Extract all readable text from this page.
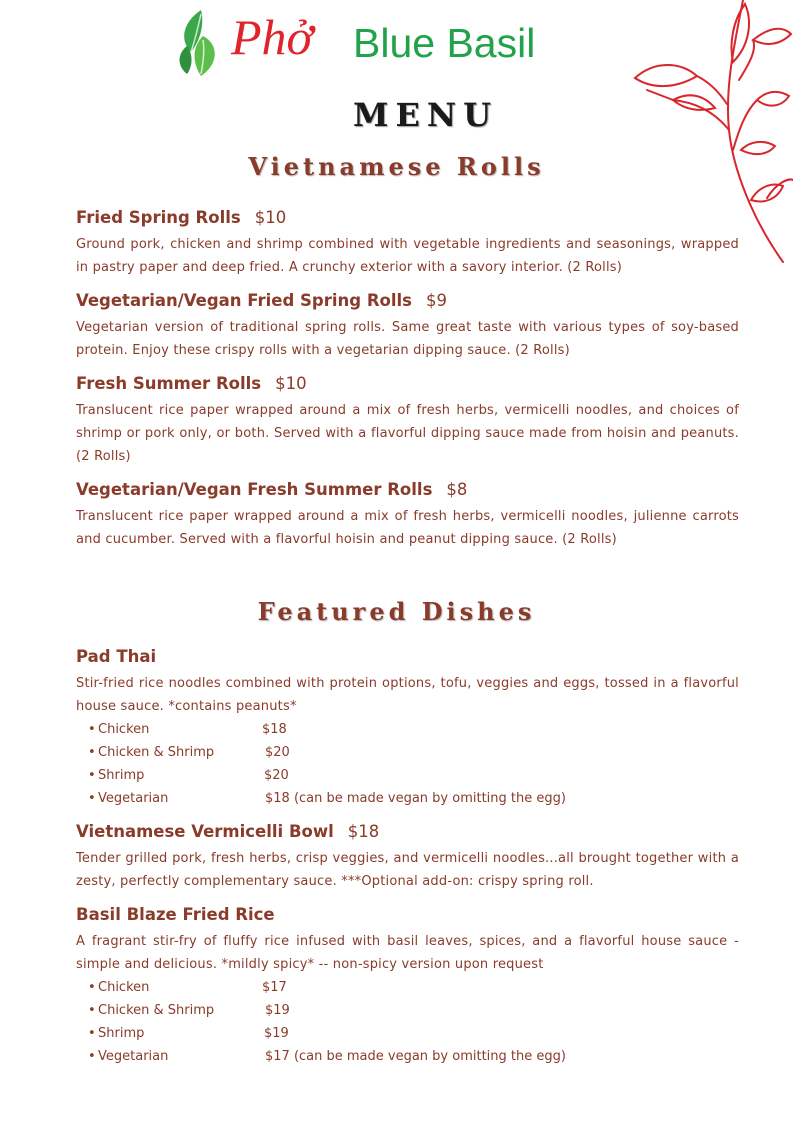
Phở Blue Basil
MENU
Vietnamese Rolls
Fried Spring Rolls $10
Ground pork, chicken and shrimp combined with vegetable ingredients and seasonings, wrapped in pastry paper and deep fried. A crunchy exterior with a savory interior. (2 Rolls)
Vegetarian/Vegan Fried Spring Rolls $9
Vegetarian version of traditional spring rolls. Same great taste with various types of soy-based protein. Enjoy these crispy rolls with a vegetarian dipping sauce. (2 Rolls)
Fresh Summer Rolls $10
Translucent rice paper wrapped around a mix of fresh herbs, vermicelli noodles, and choices of shrimp or pork only, or both. Served with a flavorful dipping sauce made from hoisin and peanuts. (2 Rolls)
Vegetarian/Vegan Fresh Summer Rolls $8
Translucent rice paper wrapped around a mix of fresh herbs, vermicelli noodles, julienne carrots and cucumber. Served with a flavorful hoisin and peanut dipping sauce. (2 Rolls)
Featured Dishes
Pad Thai
Stir-fried rice noodles combined with protein options, tofu, veggies and eggs, tossed in a flavorful house sauce. *contains peanuts*
• Chicken	$18
• Chicken & Shrimp	$20
• Shrimp	$20
• Vegetarian	$18 (can be made vegan by omitting the egg)
Vietnamese Vermicelli Bowl $18
Tender grilled pork, fresh herbs, crisp veggies, and vermicelli noodles...all brought together with a zesty, perfectly complementary sauce. ***Optional add-on: crispy spring roll.
Basil Blaze Fried Rice
A fragrant stir-fry of fluffy rice infused with basil leaves, spices, and a flavorful house sauce - simple and delicious. *mildly spicy* -- non-spicy version upon request
• Chicken	$17
• Chicken & Shrimp	$19
• Shrimp	$19
• Vegetarian	$17 (can be made vegan by omitting the egg)
